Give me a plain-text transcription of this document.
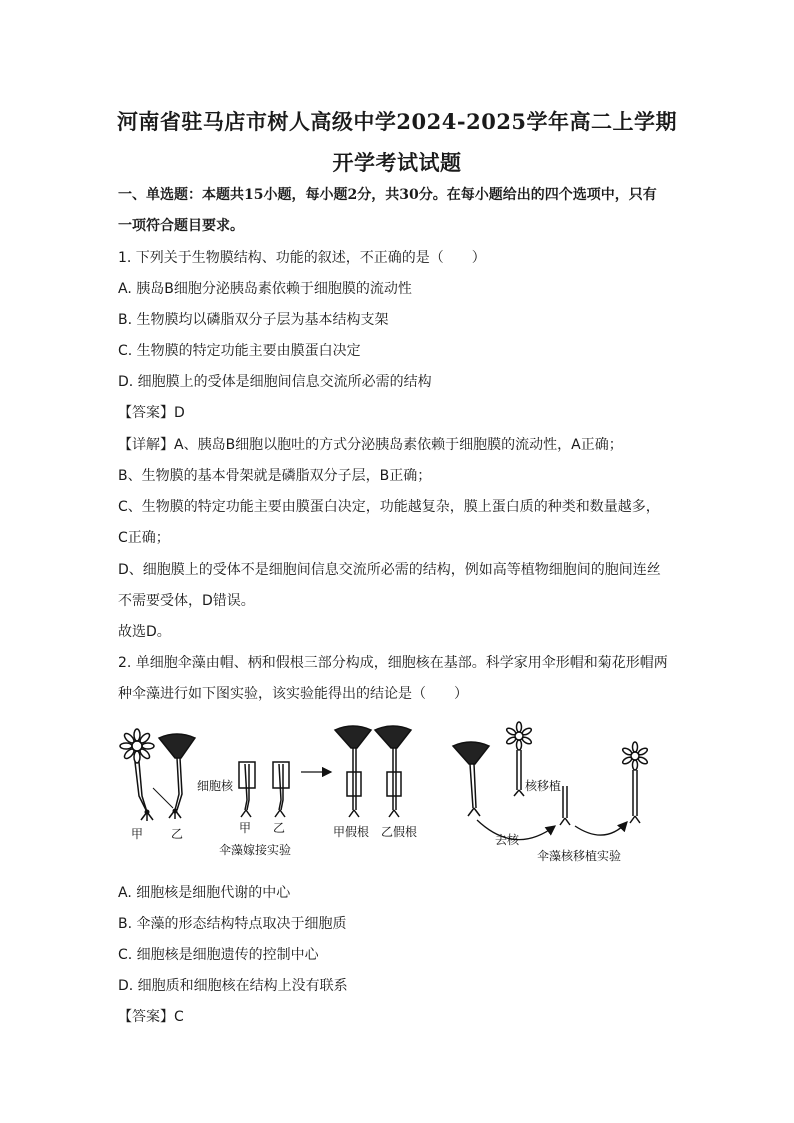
河南省驻马店市树人高级中学2024-2025学年高二上学期
开学考试试题
一、单选题：本题共15小题，每小题2分，共30分。在每小题给出的四个选项中，只有
一项符合题目要求。
1. 下列关于生物膜结构、功能的叙述，不正确的是（　　）
A. 胰岛B细胞分泌胰岛素依赖于细胞膜的流动性
B. 生物膜均以磷脂双分子层为基本结构支架
C. 生物膜的特定功能主要由膜蛋白决定
D. 细胞膜上的受体是细胞间信息交流所必需的结构
【答案】D
【详解】A、胰岛B细胞以胞吐的方式分泌胰岛素依赖于细胞膜的流动性，A正确；
B、生物膜的基本骨架就是磷脂双分子层，B正确；
C、生物膜的特定功能主要由膜蛋白决定，功能越复杂，膜上蛋白质的种类和数量越多，
C正确；
D、细胞膜上的受体不是细胞间信息交流所必需的结构，例如高等植物细胞间的胞间连丝
不需要受体，D错误。
故选D。
2. 单细胞伞藻由帽、柄和假根三部分构成，细胞核在基部。科学家用伞形帽和菊花形帽两
种伞藻进行如下图实验，该实验能得出的结论是（　　）
细胞核
甲 乙	甲 乙	甲假根 乙假根
伞藻嫁接实验
核移植
去核
伞藻核移植实验
A. 细胞核是细胞代谢的中心
B. 伞藻的形态结构特点取决于细胞质
C. 细胞核是细胞遗传的控制中心
D. 细胞质和细胞核在结构上没有联系
【答案】C
